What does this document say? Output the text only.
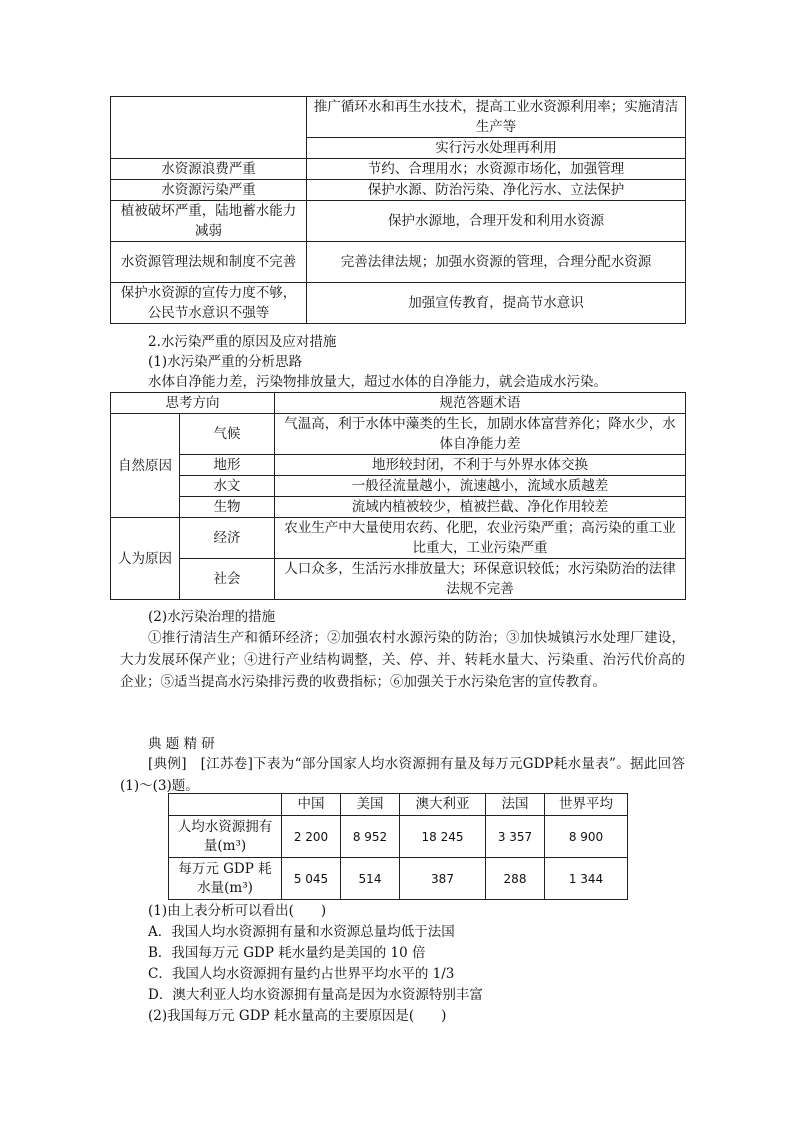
	推广循环水和再生水技术，提高工业水资源利用率；实施清洁生产等
	实行污水处理再利用
水资源浪费严重	节约、合理用水；水资源市场化，加强管理
水资源污染严重	保护水源、防治污染、净化污水、立法保护
植被破坏严重，陆地蓄水能力减弱	保护水源地，合理开发和利用水资源
水资源管理法规和制度不完善	完善法律法规；加强水资源的管理，合理分配水资源
保护水资源的宣传力度不够，公民节水意识不强等	加强宣传教育，提高节水意识
2.水污染严重的原因及应对措施
(1)水污染严重的分析思路
水体自净能力差，污染物排放量大，超过水体的自净能力，就会造成水污染。
思考方向		规范答题术语
自然原因	气候	气温高，利于水体中藻类的生长，加剧水体富营养化；降水少，水体自净能力差
	地形	地形较封闭，不利于与外界水体交换
	水文	一般径流量越小，流速越小，流域水质越差
	生物	流域内植被较少，植被拦截、净化作用较差
人为原因	经济	农业生产中大量使用农药、化肥，农业污染严重；高污染的重工业比重大，工业污染严重
	社会	人口众多，生活污水排放量大；环保意识较低；水污染防治的法律法规不完善
(2)水污染治理的措施
①推行清洁生产和循环经济；②加强农村水源污染的防治；③加快城镇污水处理厂建设，大力发展环保产业；④进行产业结构调整，关、停、并、转耗水量大、污染重、治污代价高的企业；⑤适当提高水污染排污费的收费指标；⑥加强关于水污染危害的宣传教育。
典 题 精 研
[典例]　[江苏卷]下表为“部分国家人均水资源拥有量及每万元GDP耗水量表”。据此回答(1)～(3)题。
	中国	美国	澳大利亚	法国	世界平均
人均水资源拥有量(m³)	2 200	8 952	18 245	3 357	8 900
每万元 GDP 耗水量(m³)	5 045	514	387	288	1 344
(1)由上表分析可以看出(　　)
A．我国人均水资源拥有量和水资源总量均低于法国
B．我国每万元 GDP 耗水量约是美国的 10 倍
C．我国人均水资源拥有量约占世界平均水平的 1/3
D．澳大利亚人均水资源拥有量高是因为水资源特别丰富
(2)我国每万元 GDP 耗水量高的主要原因是(　　)
